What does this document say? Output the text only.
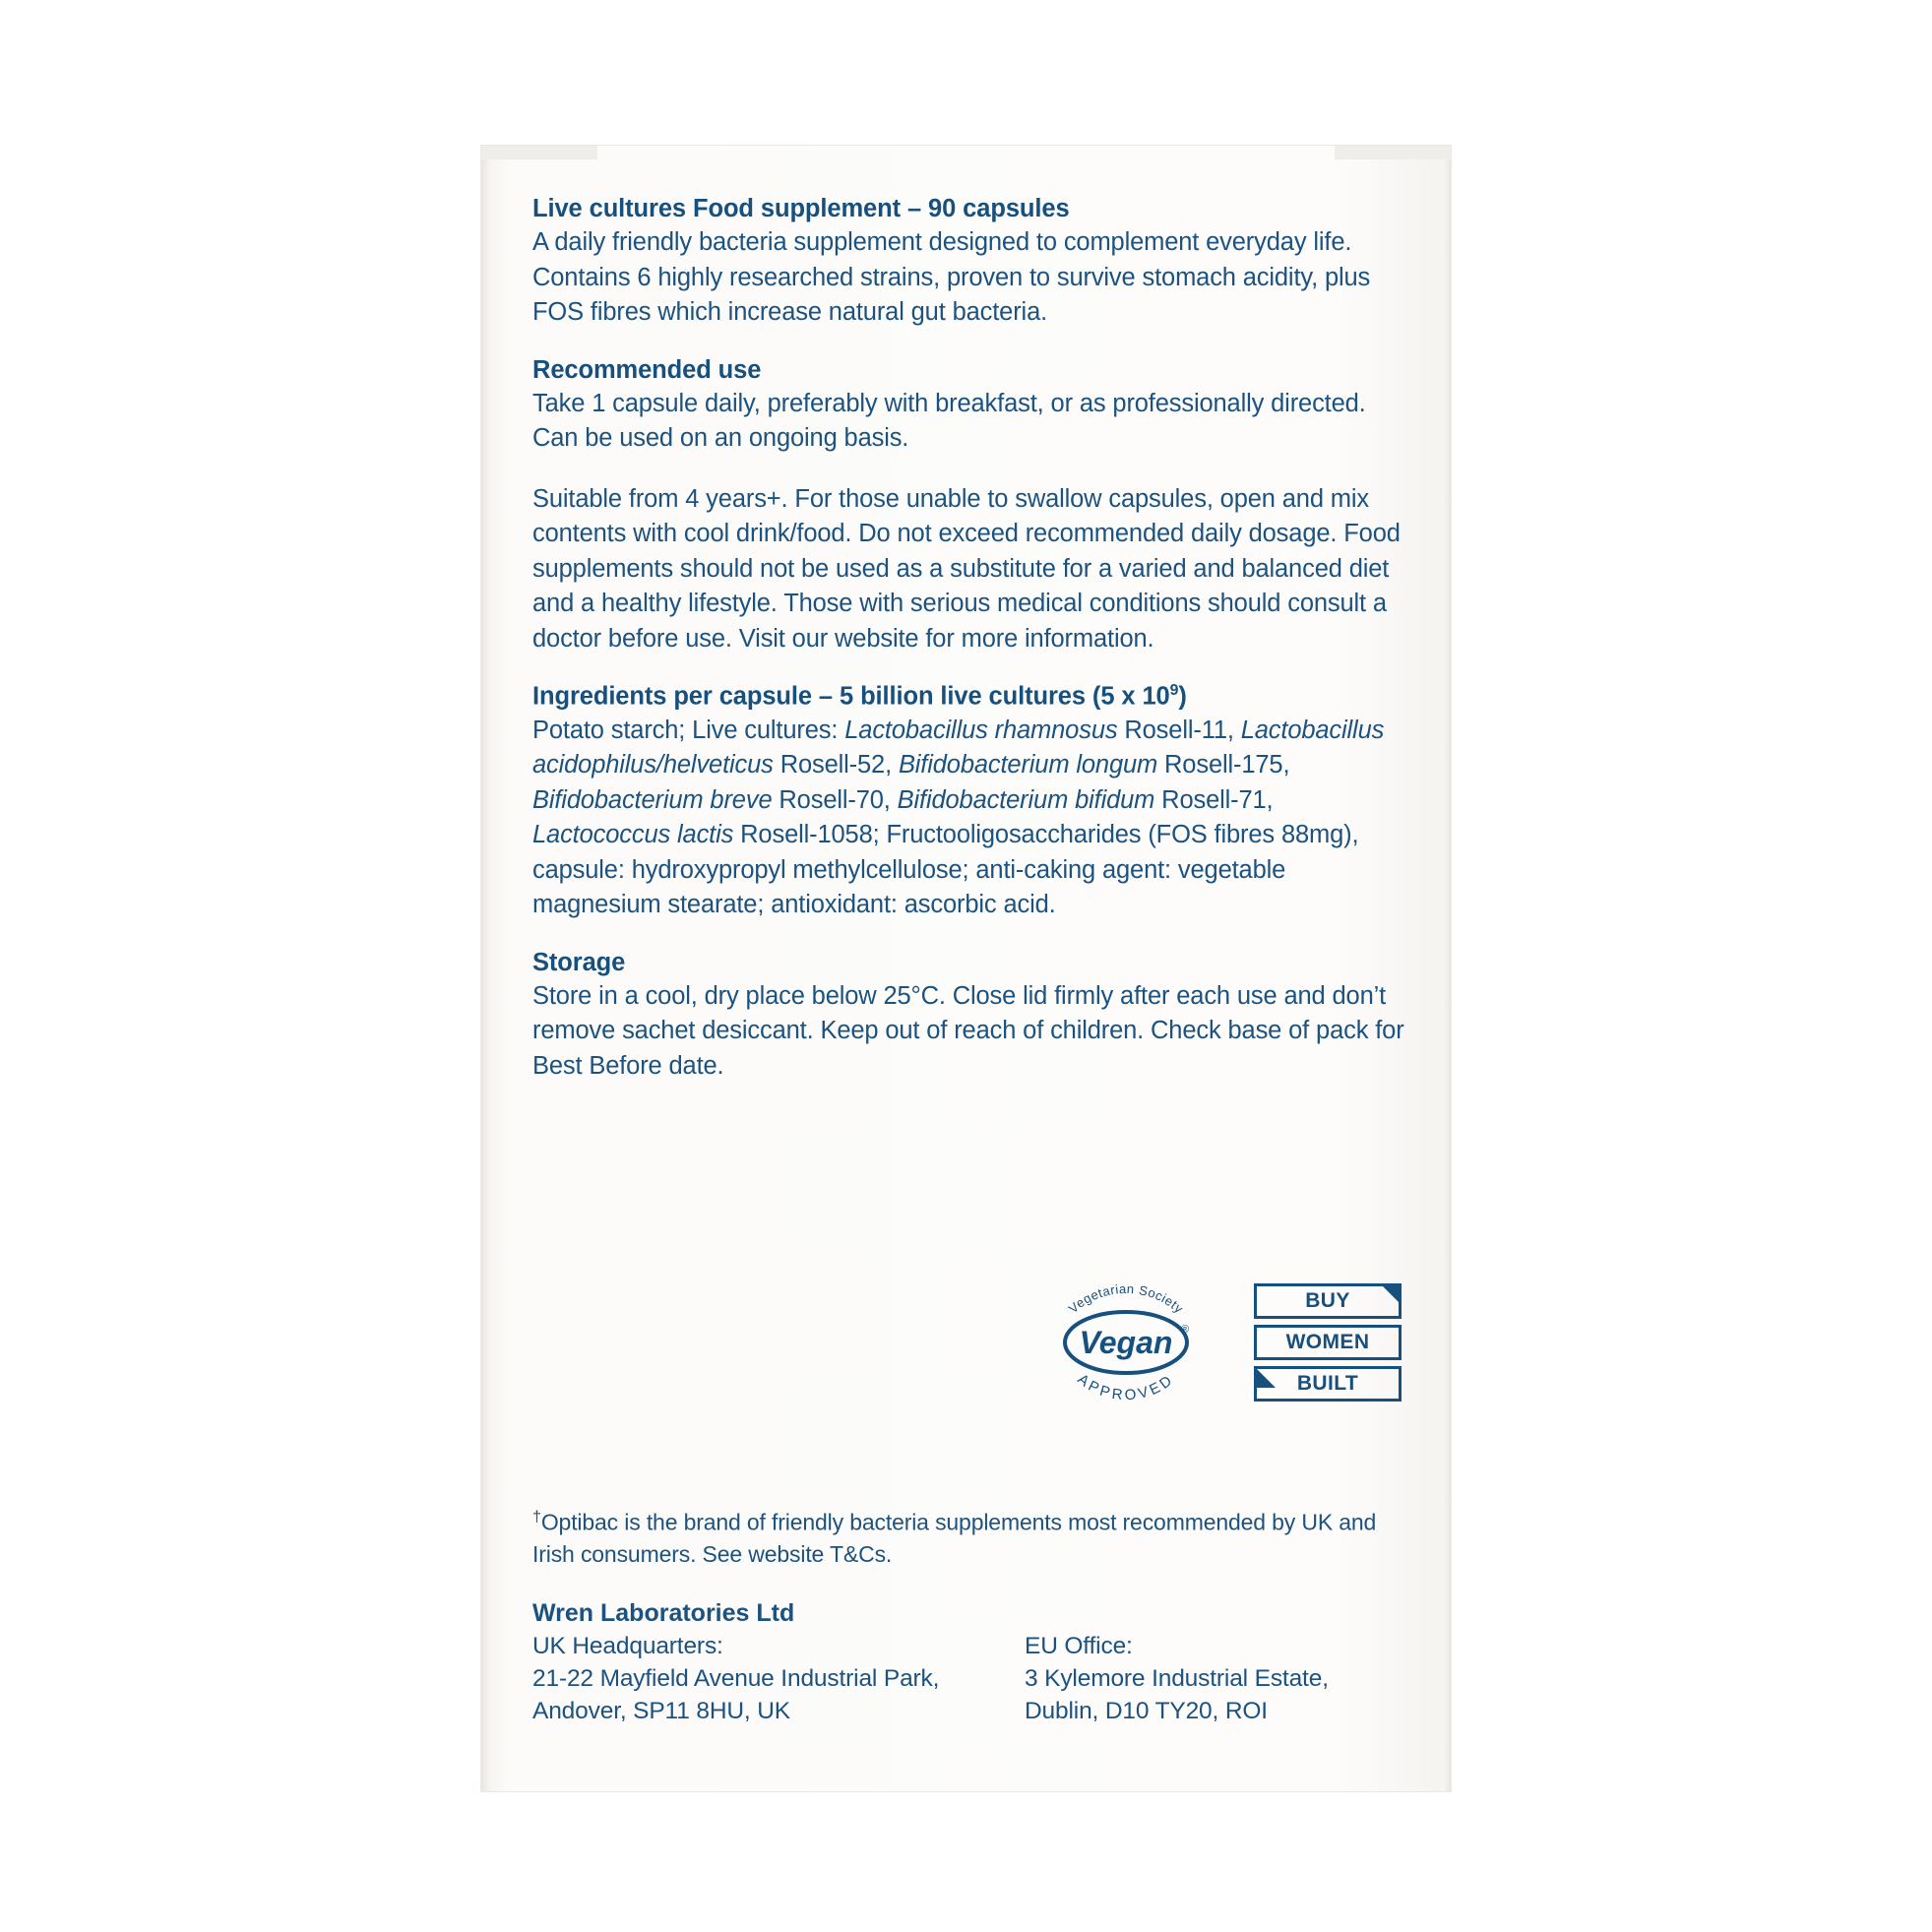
Live cultures Food supplement – 90 capsules

A daily friendly bacteria supplement designed to complement everyday life. Contains 6 highly researched strains, proven to survive stomach acidity, plus FOS fibres which increase natural gut bacteria.

Recommended use

Take 1 capsule daily, preferably with breakfast, or as professionally directed. Can be used on an ongoing basis.

Suitable from 4 years+. For those unable to swallow capsules, open and mix contents with cool drink/food. Do not exceed recommended daily dosage. Food supplements should not be used as a substitute for a varied and balanced diet and a healthy lifestyle. Those with serious medical conditions should consult a doctor before use. Visit our website for more information.

Ingredients per capsule – 5 billion live cultures (5 x $10^9$)

Potato starch; Live cultures: Lactobacillus rhamnosus Rosell-11, Lactobacillus acidophilus/helveticus Rosell-52, Bifidobacterium longum Rosell-175, Bifidobacterium breve Rosell-70, Bifidobacterium bifidum Rosell-71, Lactococcus lactis Rosell-1058; Fructooligosaccharides (FOS fibres 88mg), capsule: hydroxypropyl methylcellulose; anti-caking agent: vegetable magnesium stearate; antioxidant: ascorbic acid.

Storage

Store in a cool, dry place below 25°C. Close lid firmly after each use and don’t remove sachet desiccant. Keep out of reach of children. Check base of pack for Best Before date.

Vegetarian Society
APPROVED
Vegan ®
BUY
WOMEN
BUILT

†Optibac is the brand of friendly bacteria supplements most recommended by UK and Irish consumers. See website T&Cs.

Wren Laboratories Ltd

UK Headquarters:
21-22 Mayfield Avenue Industrial Park,
Andover, SP11 8HU, UK
EU Office:
3 Kylemore Industrial Estate,
Dublin, D10 TY20, ROI
